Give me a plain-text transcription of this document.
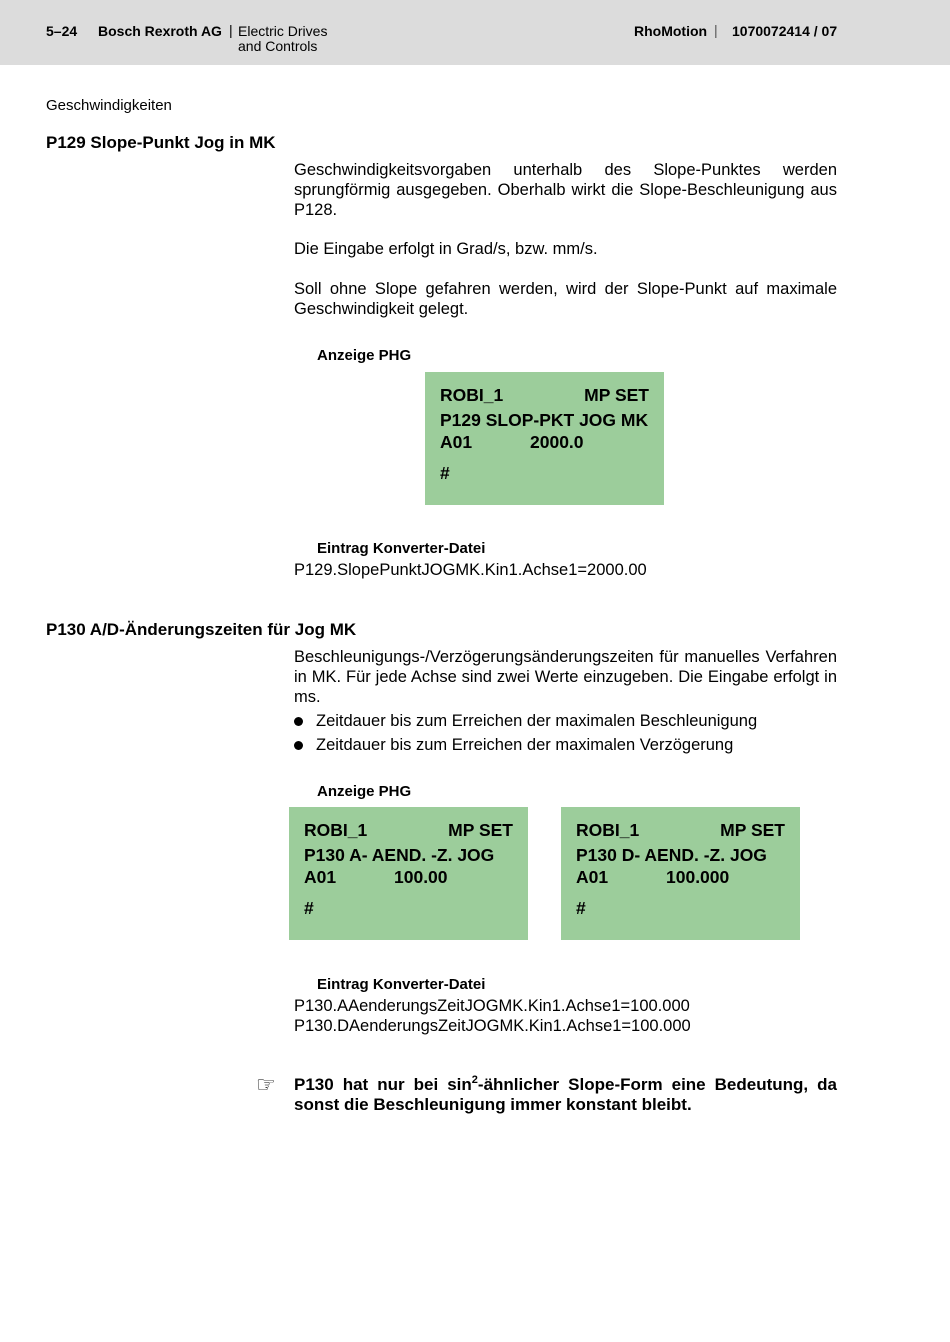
5–24 Bosch Rexroth AG | Electric Drives
and Controls
RhoMotion | 1070072414 / 07
Geschwindigkeiten
P129 Slope-Punkt Jog in MK
Geschwindigkeitsvorgaben unterhalb des Slope-Punktes werden sprungförmig ausgegeben. Oberhalb wirkt die Slope-Beschleunigung aus P128.
Die Eingabe erfolgt in Grad/s, bzw. mm/s.
Soll ohne Slope gefahren werden, wird der Slope-Punkt auf maximale Geschwindigkeit gelegt.
Anzeige PHG
ROBI_1	MP SET
P129 SLOP-PKT JOG MK
A01	2000.0
#
Eintrag Konverter-Datei
P129.SlopePunktJOGMK.Kin1.Achse1=2000.00
P130 A/D-Änderungszeiten für Jog MK
Beschleunigungs-/Verzögerungsänderungszeiten für manuelles Verfahren in MK. Für jede Achse sind zwei Werte einzugeben. Die Eingabe erfolgt in ms.
Zeitdauer bis zum Erreichen der maximalen Beschleunigung
Zeitdauer bis zum Erreichen der maximalen Verzögerung
Anzeige PHG
ROBI_1	MP SET
P130 A- AEND. -Z. JOG
A01	100.00
#
ROBI_1	MP SET
P130 D- AEND. -Z. JOG
A01	100.000
#
Eintrag Konverter-Datei
P130.AAenderungsZeitJOGMK.Kin1.Achse1=100.000
P130.DAenderungsZeitJOGMK.Kin1.Achse1=100.000
☞ P130 hat nur bei $\sin^2$-ähnlicher Slope-Form eine Bedeutung, da sonst die Beschleunigung immer konstant bleibt.
